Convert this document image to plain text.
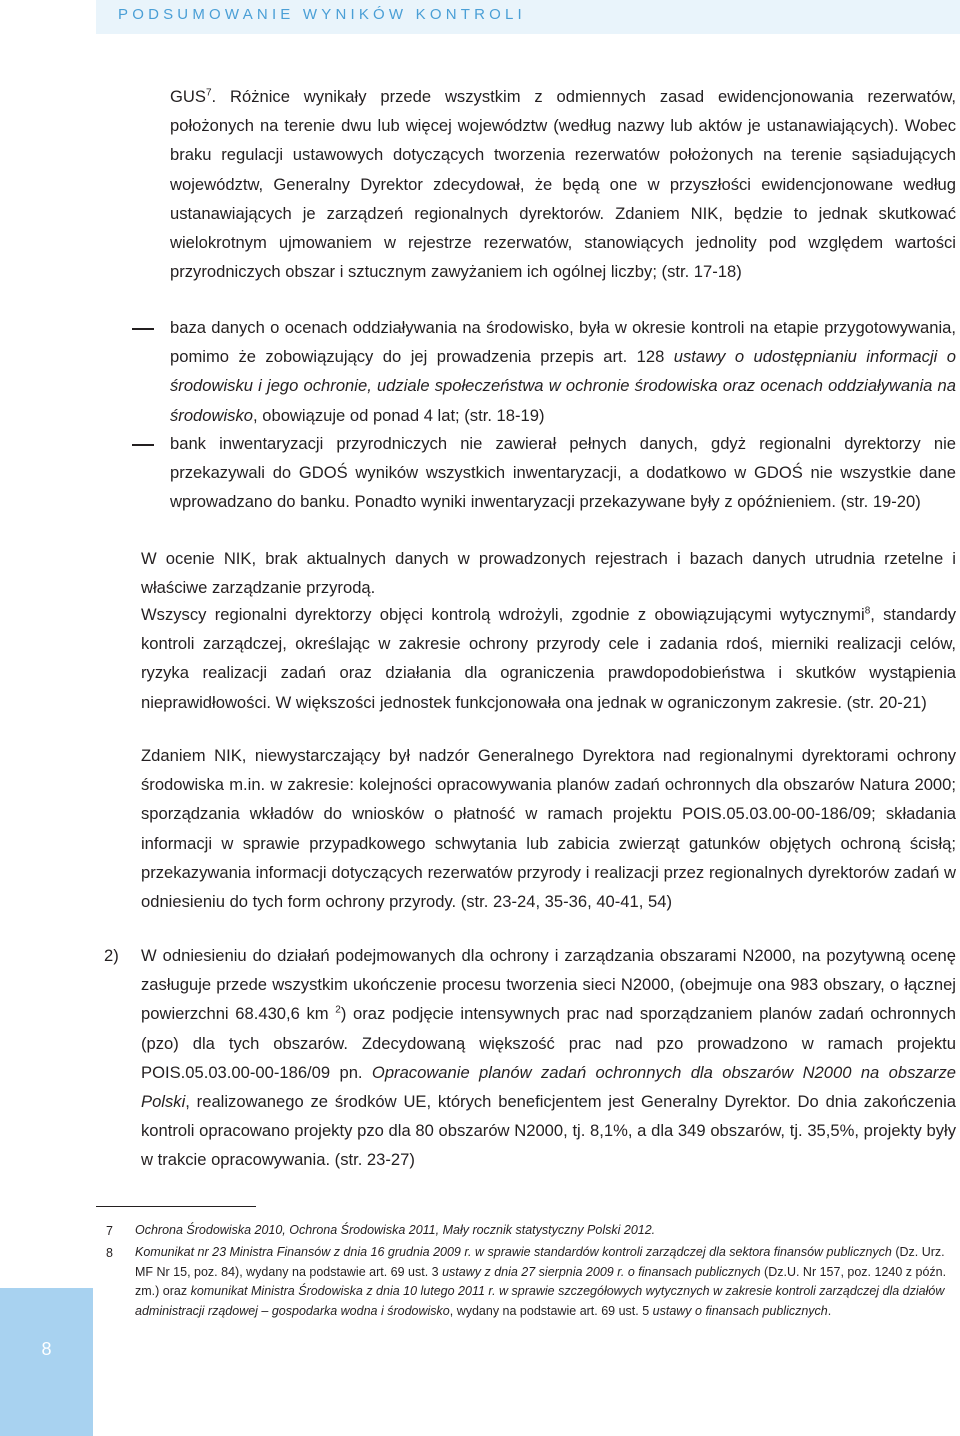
PODSUMOWANIE WYNIKÓW KONTROLI

GUS$^7$. Różnice wynikały przede wszystkim z odmiennych zasad ewidencjonowania rezerwatów, położonych na terenie dwu lub więcej województw (według nazwy lub aktów je ustanawiających). Wobec braku regulacji ustawowych dotyczących tworzenia rezerwatów położonych na terenie sąsiadujących województw, Generalny Dyrektor zdecydował, że będą one w przyszłości ewidencjonowane według ustanawiających je zarządzeń regionalnych dyrektorów. Zdaniem NIK, będzie to jednak skutkować wielokrotnym ujmowaniem w rejestrze rezerwatów, stanowiących jednolity pod względem wartości przyrodniczych obszar i sztucznym zawyżaniem ich ogólnej liczby; (str. 17-18)

baza danych o ocenach oddziaływania na środowisko, była w okresie kontroli na etapie przygotowywania, pomimo że zobowiązujący do jej prowadzenia przepis art. 128 ustawy o udostępnianiu informacji o środowisku i jego ochronie, udziale społeczeństwa w ochronie środowiska oraz ocenach oddziaływania na środowisko, obowiązuje od ponad 4 lat; (str. 18-19)

bank inwentaryzacji przyrodniczych nie zawierał pełnych danych, gdyż regionalni dyrektorzy nie przekazywali do GDOŚ wyników wszystkich inwentaryzacji, a dodatkowo w GDOŚ nie wszystkie dane wprowadzano do banku. Ponadto wyniki inwentaryzacji przekazywane były z opóźnieniem. (str. 19-20)

W ocenie NIK, brak aktualnych danych w prowadzonych rejestrach i bazach danych utrudnia rzetelne i właściwe zarządzanie przyrodą.

Wszyscy regionalni dyrektorzy objęci kontrolą wdrożyli, zgodnie z obowiązującymi wytycznymi$^8$, standardy kontroli zarządczej, określając w zakresie ochrony przyrody cele i zadania rdoś, mierniki realizacji celów, ryzyka realizacji zadań oraz działania dla ograniczenia prawdopodobieństwa i skutków wystąpienia nieprawidłowości. W większości jednostek funkcjonowała ona jednak w ograniczonym zakresie. (str. 20-21)

Zdaniem NIK, niewystarczający był nadzór Generalnego Dyrektora nad regionalnymi dyrektorami ochrony środowiska m.in. w zakresie: kolejności opracowywania planów zadań ochronnych dla obszarów Natura 2000; sporządzania wkładów do wniosków o płatność w ramach projektu POIS.05.03.00-00-186/09; składania informacji w sprawie przypadkowego schwytania lub zabicia zwierząt gatunków objętych ochroną ścisłą; przekazywania informacji dotyczących rezerwatów przyrody i realizacji przez regionalnych dyrektorów zadań w odniesieniu do tych form ochrony przyrody. (str. 23-24, 35-36, 40-41, 54)

2) W odniesieniu do działań podejmowanych dla ochrony i zarządzania obszarami N2000, na pozytywną ocenę zasługuje przede wszystkim ukończenie procesu tworzenia sieci N2000, (obejmuje ona 983 obszary, o łącznej powierzchni 68.430,6 km $^2$) oraz podjęcie intensywnych prac nad sporządzaniem planów zadań ochronnych (pzo) dla tych obszarów. Zdecydowaną większość prac nad pzo prowadzono w ramach projektu POIS.05.03.00-00-186/09 pn. Opracowanie planów zadań ochronnych dla obszarów N2000 na obszarze Polski, realizowanego ze środków UE, których beneficjentem jest Generalny Dyrektor. Do dnia zakończenia kontroli opracowano projekty pzo dla 80 obszarów N2000, tj. 8,1%, a dla 349 obszarów, tj. 35,5%, projekty były w trakcie opracowywania. (str. 23-27)

7 Ochrona Środowiska 2010, Ochrona Środowiska 2011, Mały rocznik statystyczny Polski 2012.

8 Komunikat nr 23 Ministra Finansów z dnia 16 grudnia 2009 r. w sprawie standardów kontroli zarządczej dla sektora finansów publicznych (Dz. Urz. MF Nr 15, poz. 84), wydany na podstawie art. 69 ust. 3 ustawy z dnia 27 sierpnia 2009 r. o finansach publicznych (Dz.U. Nr 157, poz. 1240 z późn. zm.) oraz komunikat Ministra Środowiska z dnia 10 lutego 2011 r. w sprawie szczegółowych wytycznych w zakresie kontroli zarządczej dla działów administracji rządowej – gospodarka wodna i środowisko, wydany na podstawie art. 69 ust. 5 ustawy o finansach publicznych.

8
